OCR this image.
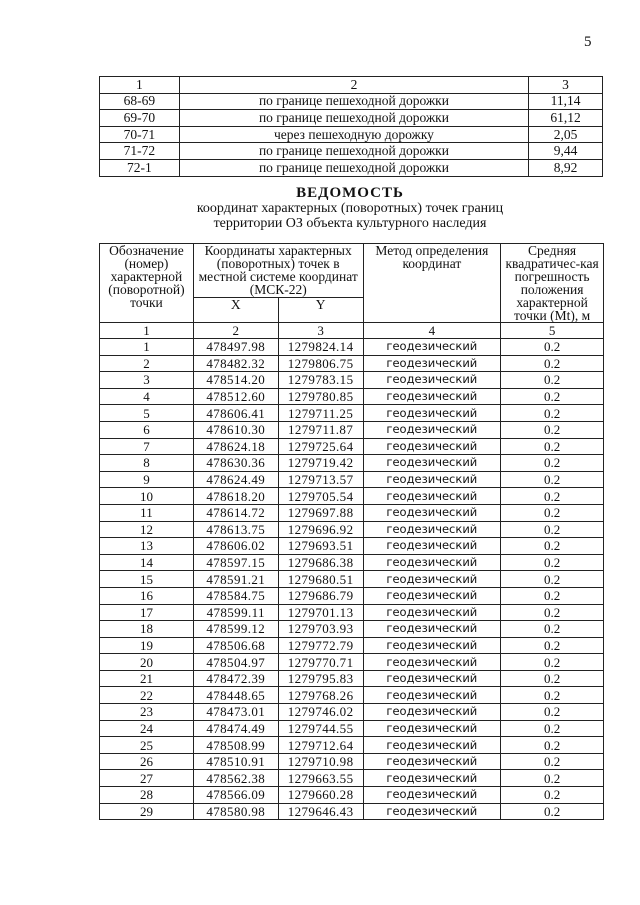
5
1	2	3
68-69	по границе пешеходной дорожки	11,14
69-70	по границе пешеходной дорожки	61,12
70-71	через пешеходную дорожку	2,05
71-72	по границе пешеходной дорожки	9,44
72-1	по границе пешеходной дорожки	8,92
ВЕДОМОСТЬ
координат характерных (поворотных) точек границ
территории ОЗ объекта культурного наследия
Обозначение (номер) характерной (поворотной) точки	Координаты характерных (поворотных) точек в местной системе координат (МСК-22)		Метод определения координат	Средняя квадратичес-кая погрешность положения характерной точки (Mt), м
	X	Y		
1	2	3	4	5
1	478497.98	1279824.14	геодезический	0.2
2	478482.32	1279806.75	геодезический	0.2
3	478514.20	1279783.15	геодезический	0.2
4	478512.60	1279780.85	геодезический	0.2
5	478606.41	1279711.25	геодезический	0.2
6	478610.30	1279711.87	геодезический	0.2
7	478624.18	1279725.64	геодезический	0.2
8	478630.36	1279719.42	геодезический	0.2
9	478624.49	1279713.57	геодезический	0.2
10	478618.20	1279705.54	геодезический	0.2
11	478614.72	1279697.88	геодезический	0.2
12	478613.75	1279696.92	геодезический	0.2
13	478606.02	1279693.51	геодезический	0.2
14	478597.15	1279686.38	геодезический	0.2
15	478591.21	1279680.51	геодезический	0.2
16	478584.75	1279686.79	геодезический	0.2
17	478599.11	1279701.13	геодезический	0.2
18	478599.12	1279703.93	геодезический	0.2
19	478506.68	1279772.79	геодезический	0.2
20	478504.97	1279770.71	геодезический	0.2
21	478472.39	1279795.83	геодезический	0.2
22	478448.65	1279768.26	геодезический	0.2
23	478473.01	1279746.02	геодезический	0.2
24	478474.49	1279744.55	геодезический	0.2
25	478508.99	1279712.64	геодезический	0.2
26	478510.91	1279710.98	геодезический	0.2
27	478562.38	1279663.55	геодезический	0.2
28	478566.09	1279660.28	геодезический	0.2
29	478580.98	1279646.43	геодезический	0.2
